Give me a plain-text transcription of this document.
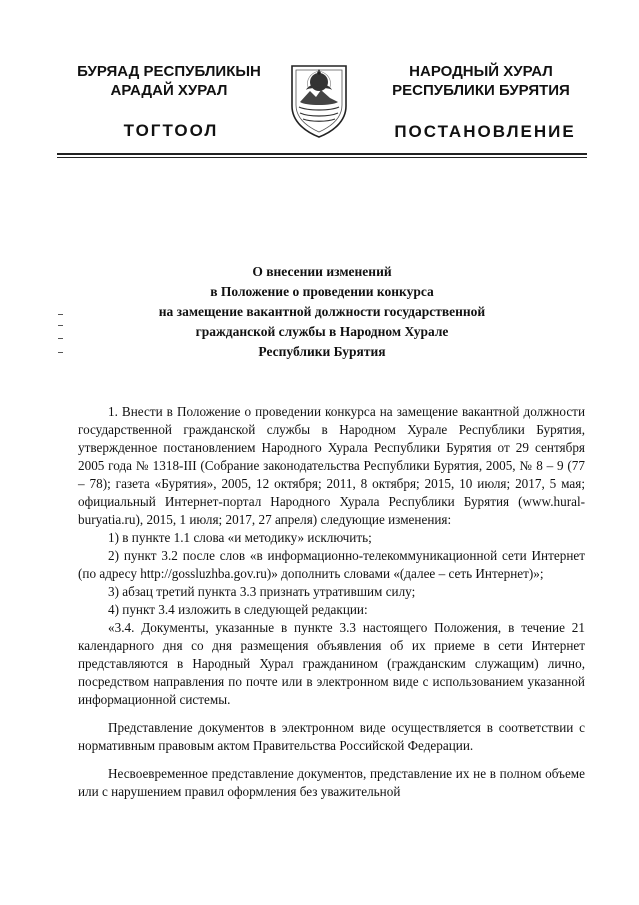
БУРЯАД РЕСПУБЛИКЫН
АРАДАЙ ХУРАЛ
НАРОДНЫЙ ХУРАЛ
РЕСПУБЛИКИ БУРЯТИЯ
ТОГТООЛ	ПОСТАНОВЛЕНИЕ
О внесении изменений
в Положение о проведении конкурса
на замещение вакантной должности государственной
гражданской службы в Народном Хурале
Республики Бурятия

1. Внести в Положение о проведении конкурса на замещение вакантной должности государственной гражданской службы в Народном Хурале Республики Бурятия, утвержденное постановлением Народного Хурала Республики Бурятия от 29 сентября 2005 года № 1318-III (Собрание законодательства Республики Бурятия, 2005, № 8 – 9 (77 – 78); газета «Бурятия», 2005, 12 октября; 2011, 8 октября; 2015, 10 июля; 2017, 5 мая; официальный Интернет-портал Народного Хурала Республики Бурятия (www.hural-buryatia.ru), 2015, 1 июля; 2017, 27 апреля) следующие изменения:

1) в пункте 1.1 слова «и методику» исключить;

2) пункт 3.2 после слов «в информационно-телекоммуникационной сети Интернет (по адресу http://gossluzhba.gov.ru)» дополнить словами «(далее – сеть Интернет)»;

3) абзац третий пункта 3.3 признать утратившим силу;

4) пункт 3.4 изложить в следующей редакции:

«3.4. Документы, указанные в пункте 3.3 настоящего Положения, в течение 21 календарного дня со дня размещения объявления об их приеме в сети Интернет представляются в Народный Хурал гражданином (гражданским служащим) лично, посредством направления по почте или в электронном виде с использованием указанной информационной системы.

Представление документов в электронном виде осуществляется в соответствии с нормативным правовым актом Правительства Российской Федерации.

Несвоевременное представление документов, представление их не в полном объеме или с нарушением правил оформления без уважительной
